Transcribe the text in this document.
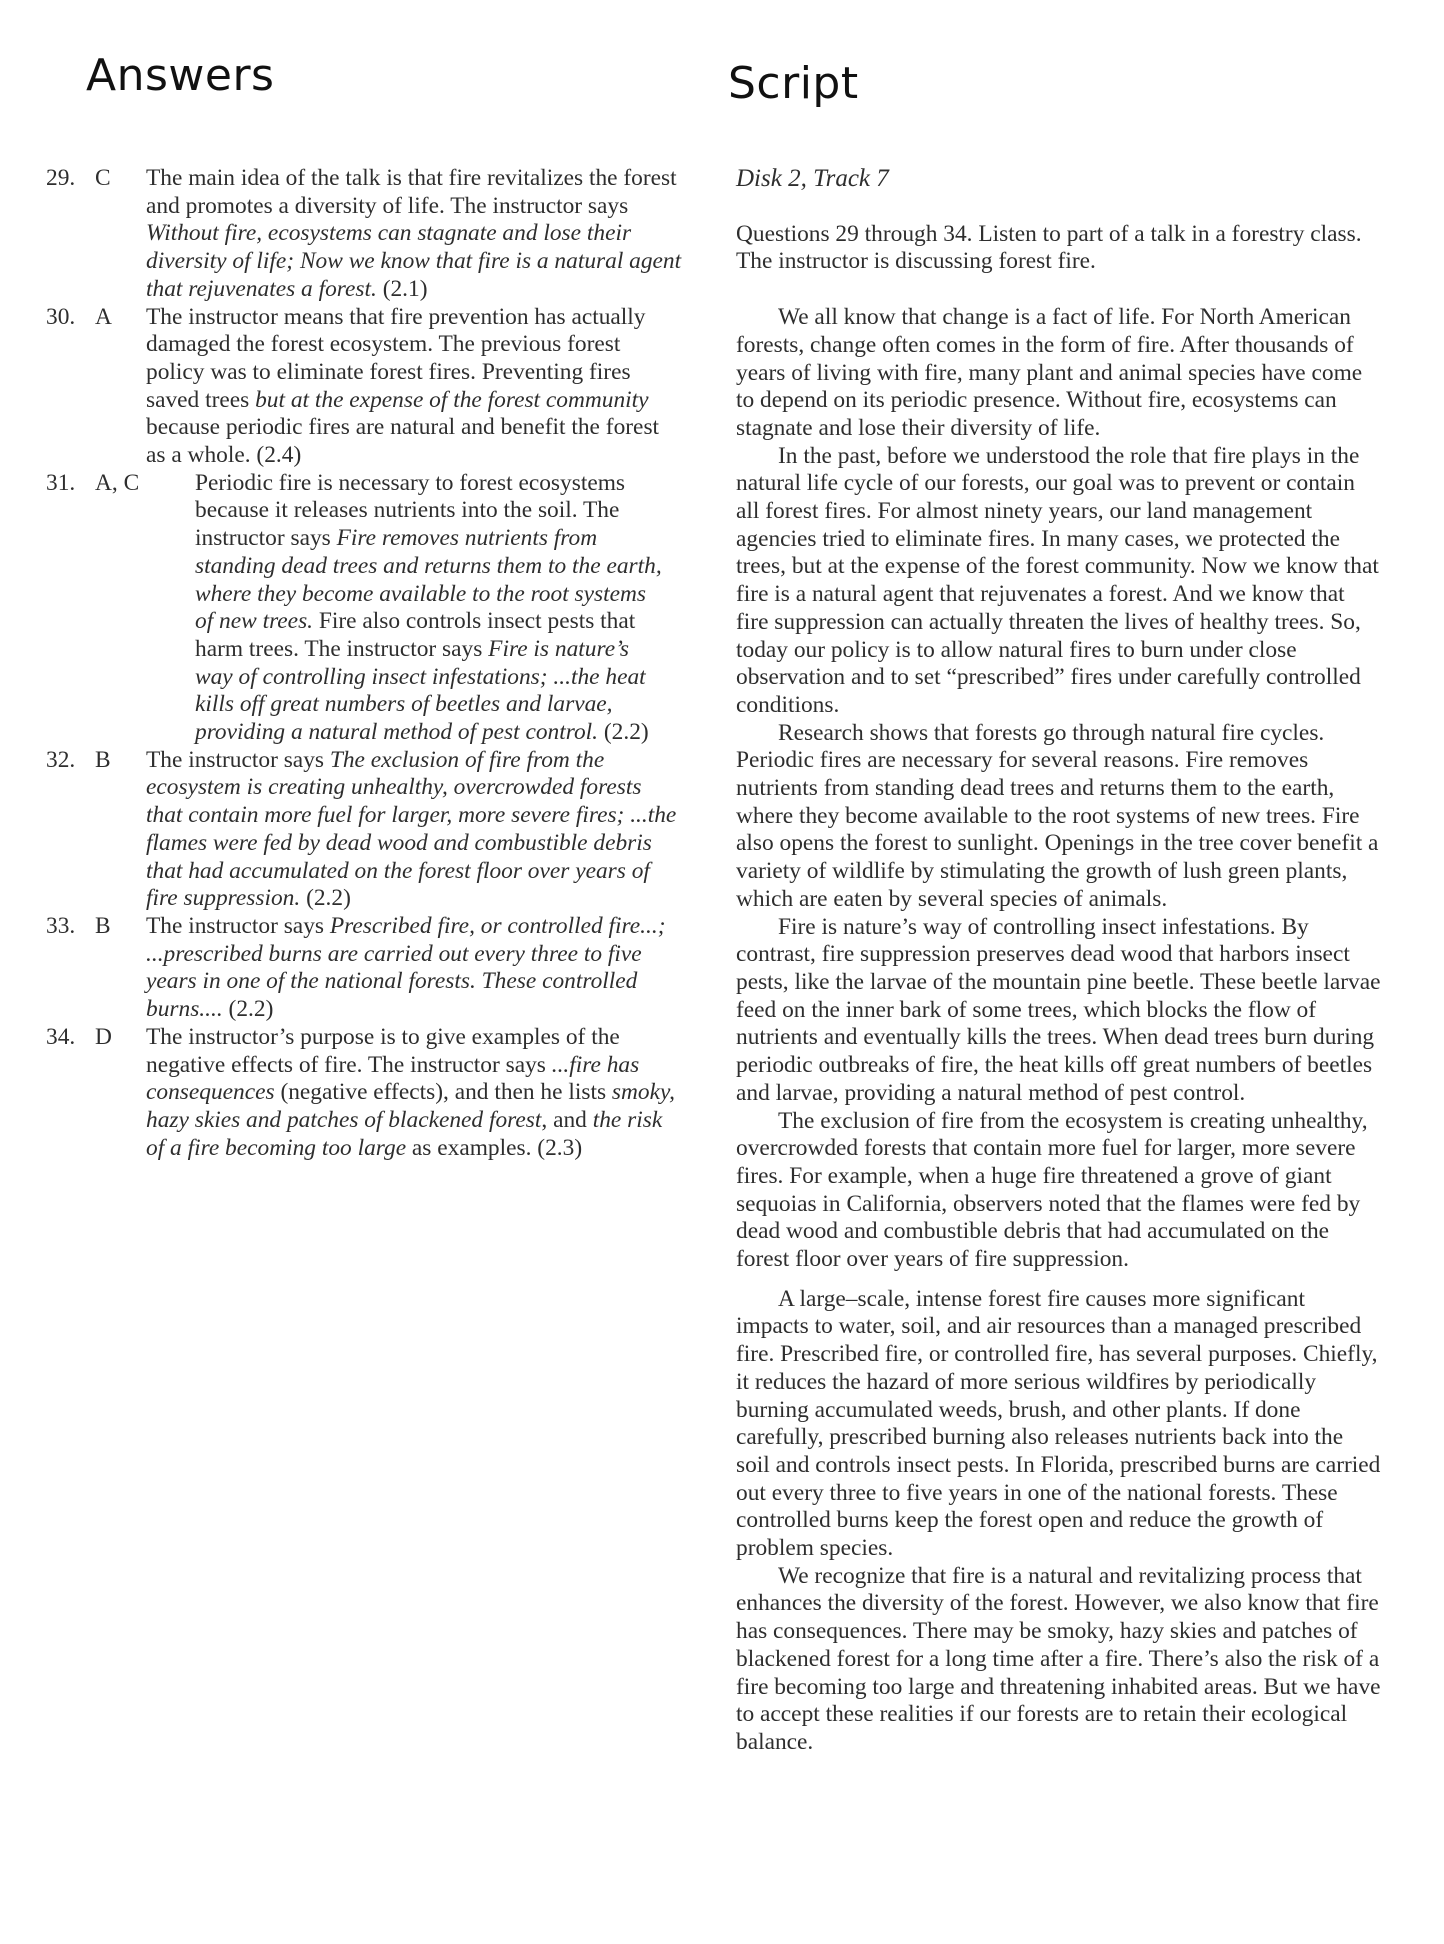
Answers	Script
29. C	The main idea of the talk is that fire revitalizes the forest and promotes a diversity of life. The instructor says Without fire, ecosystems can stagnate and lose their diversity of life; Now we know that fire is a natural agent that rejuvenates a forest. (2.1)
30. A	The instructor means that fire prevention has actually damaged the forest ecosystem. The previous forest policy was to eliminate forest fires. Preventing fires saved trees but at the expense of the forest community because periodic fires are natural and benefit the forest as a whole. (2.4)
31. A, C	Periodic fire is necessary to forest ecosystems because it releases nutrients into the soil. The instructor says Fire removes nutrients from standing dead trees and returns them to the earth, where they become available to the root systems of new trees. Fire also controls insect pests that harm trees. The instructor says Fire is nature’s way of controlling insect infestations; ...the heat kills off great numbers of beetles and larvae, providing a natural method of pest control. (2.2)
32. B	The instructor says The exclusion of fire from the ecosystem is creating unhealthy, overcrowded forests that contain more fuel for larger, more severe fires; ...the flames were fed by dead wood and combustible debris that had accumulated on the forest floor over years of fire suppression. (2.2)
33. B	The instructor says Prescribed fire, or controlled fire...; ...prescribed burns are carried out every three to five years in one of the national forests. These controlled burns.... (2.2)
34. D	The instructor’s purpose is to give examples of the negative effects of fire. The instructor says ...fire has consequences (negative effects), and then he lists smoky, hazy skies and patches of blackened forest, and the risk of a fire becoming too large as examples. (2.3)

Disk 2, Track 7

Questions 29 through 34. Listen to part of a talk in a forestry class. The instructor is discussing forest fire.

We all know that change is a fact of life. For North American forests, change often comes in the form of fire. After thousands of years of living with fire, many plant and animal species have come to depend on its periodic presence. Without fire, ecosystems can stagnate and lose their diversity of life.

In the past, before we understood the role that fire plays in the natural life cycle of our forests, our goal was to prevent or contain all forest fires. For almost ninety years, our land management agencies tried to eliminate fires. In many cases, we protected the trees, but at the expense of the forest community. Now we know that fire is a natural agent that rejuvenates a forest. And we know that fire suppression can actually threaten the lives of healthy trees. So, today our policy is to allow natural fires to burn under close observation and to set “prescribed” fires under carefully controlled conditions.

Research shows that forests go through natural fire cycles. Periodic fires are necessary for several reasons. Fire removes nutrients from standing dead trees and returns them to the earth, where they become available to the root systems of new trees. Fire also opens the forest to sunlight. Openings in the tree cover benefit a variety of wildlife by stimulating the growth of lush green plants, which are eaten by several species of animals.

Fire is nature’s way of controlling insect infestations. By contrast, fire suppression preserves dead wood that harbors insect pests, like the larvae of the mountain pine beetle. These beetle larvae feed on the inner bark of some trees, which blocks the flow of nutrients and eventually kills the trees. When dead trees burn during periodic outbreaks of fire, the heat kills off great numbers of beetles and larvae, providing a natural method of pest control.

The exclusion of fire from the ecosystem is creating unhealthy, overcrowded forests that contain more fuel for larger, more severe fires. For example, when a huge fire threatened a grove of giant sequoias in California, observers noted that the flames were fed by dead wood and combustible debris that had accumulated on the forest floor over years of fire suppression.

A large–scale, intense forest fire causes more significant impacts to water, soil, and air resources than a managed prescribed fire. Prescribed fire, or controlled fire, has several purposes. Chiefly, it reduces the hazard of more serious wildfires by periodically burning accumulated weeds, brush, and other plants. If done carefully, prescribed burning also releases nutrients back into the soil and controls insect pests. In Florida, prescribed burns are carried out every three to five years in one of the national forests. These controlled burns keep the forest open and reduce the growth of problem species.

We recognize that fire is a natural and revitalizing process that enhances the diversity of the forest. However, we also know that fire has consequences. There may be smoky, hazy skies and patches of blackened forest for a long time after a fire. There’s also the risk of a fire becoming too large and threatening inhabited areas. But we have to accept these realities if our forests are to retain their ecological balance.
